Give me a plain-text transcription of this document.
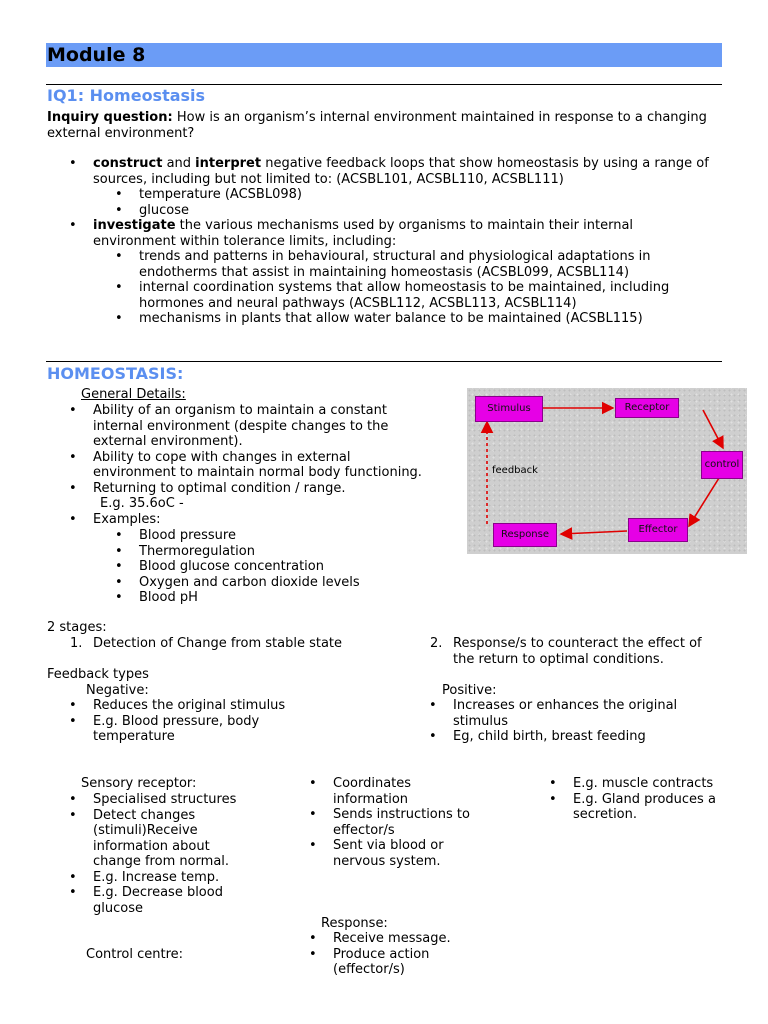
Module 8
IQ1: Homeostasis
Inquiry question: How is an organism’s internal environment maintained in response to a changing external environment?
• construct and interpret negative feedback loops that show homeostasis by using a range of sources, including but not limited to: (ACSBL101, ACSBL110, ACSBL111)
• temperature (ACSBL098)
• glucose
• investigate the various mechanisms used by organisms to maintain their internal environment within tolerance limits, including:
• trends and patterns in behavioural, structural and physiological adaptations in endotherms that assist in maintaining homeostasis (ACSBL099, ACSBL114)
• internal coordination systems that allow homeostasis to be maintained, including hormones and neural pathways (ACSBL112, ACSBL113, ACSBL114)
• mechanisms in plants that allow water balance to be maintained (ACSBL115)
HOMEOSTASIS:
General Details:
• Ability of an organism to maintain a constant internal environment (despite changes to the external environment).
• Ability to cope with changes in external environment to maintain normal body functioning.
• Returning to optimal condition / range.
E.g. 35.6oC -
• Examples:
• Blood pressure
• Thermoregulation
• Blood glucose concentration
• Oxygen and carbon dioxide levels
• Blood pH
Stimulus	Receptor
control
Effector
Response
feedback
2 stages:
1. Detection of Change from stable state	2. Response/s to counteract the effect of the return to optimal conditions.
Feedback types
Negative:
• Reduces the original stimulus
• E.g. Blood pressure, body temperature
Positive:
• Increases or enhances the original stimulus
• Eg, child birth, breast feeding
Sensory receptor:
• Specialised structures
• Detect changes (stimuli)Receive information about change from normal.
• E.g. Increase temp.
• E.g. Decrease blood glucose
Control centre:
• Coordinates information
• Sends instructions to effector/s
• Sent via blood or nervous system.
Response:
• Receive message.
• Produce action (effector/s)
• E.g. muscle contracts
• E.g. Gland produces a secretion.
